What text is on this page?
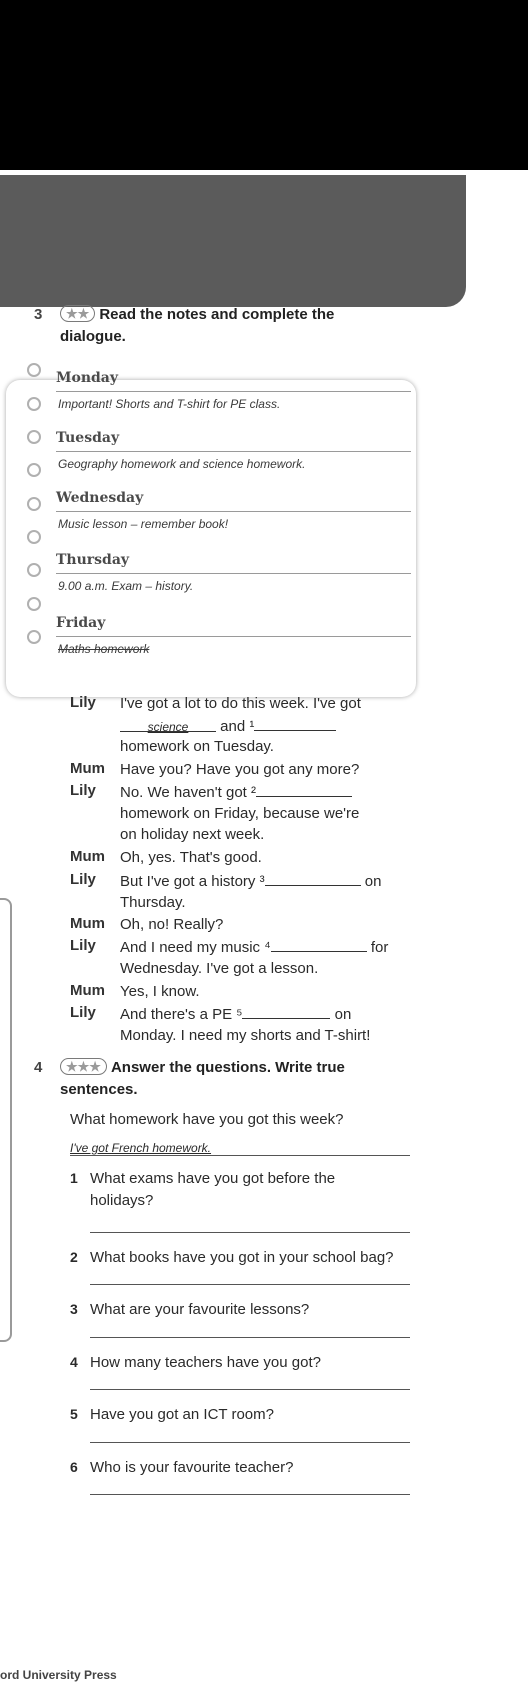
3	★★ Read the notes and complete the
dialogue.
Monday
Important! Shorts and T-shirt for PE class.
Tuesday
Geography homework and science homework.
Wednesday
Music lesson – remember book!
Thursday
9.00 a.m. Exam – history.
Friday
Maths homework
Lily I've got a lot to do this week. I've got
science and ¹
homework on Tuesday.
Mum Have you? Have you got any more?
Lily No. We haven't got ²
homework on Friday, because we're
on holiday next week.
Mum Oh, yes. That's good.
Lily But I've got a history ³	on
Thursday.
Mum Oh, no! Really?
Lily And I need my music ⁴	for
Wednesday. I've got a lesson.
Mum Yes, I know.
Lily And there's a PE ⁵	on
Monday. I need my shorts and T-shirt!
4	★★★ Answer the questions. Write true
sentences.
What homework have you got this week?
I've got French homework.
1 What exams have you got before the
holidays?
2 What books have you got in your school bag?
3 What are your favourite lessons?
4 How many teachers have you got?
5 Have you got an ICT room?
6 Who is your favourite teacher?
ord University Press
